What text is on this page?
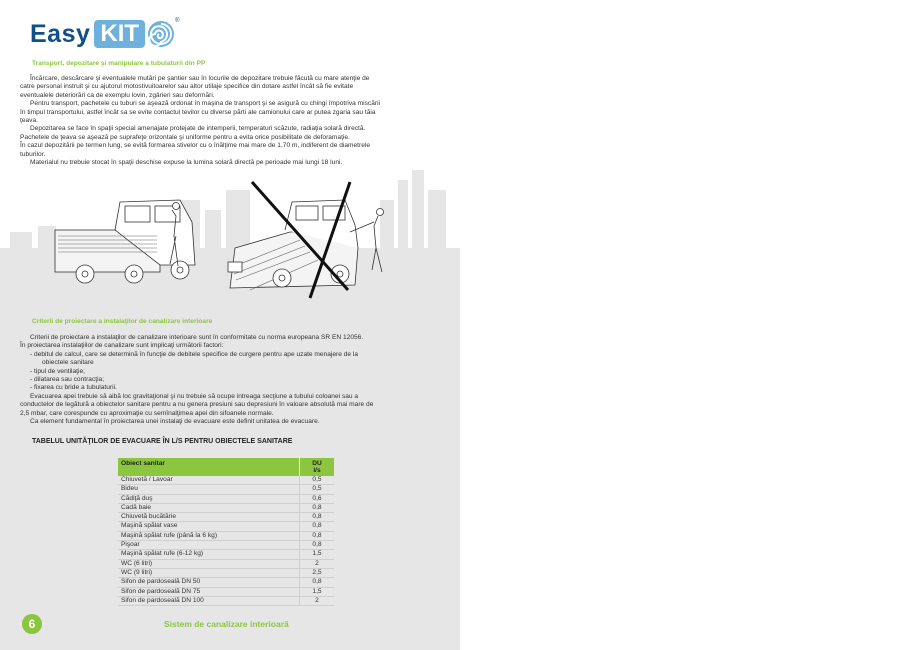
Easy KIT	®
Transport, depozitare şi manipulare a tubulaturii din PP
Încărcare, descărcare şi eventualele mutări pe şantier sau în locurile de depozitare trebuie făcută cu mare atenţie de
catre personal instruit şi cu ajutorul motostivuitoarelor sau altor utilaje specifice din dotare astfel încât să fie evitate
eventualele deteriorări ca de exemplu lovin, zgârieri sau deformări.
Pentru transport, pachetele cu tuburi se aşează ordonat în maşina de transport şi se asigură cu chingi împotriva miscării
în timpul transportului, astfel încât sa se evite contactul tevilor cu diverse părti ale camionului care ar putea zgaria sau tăia
ţeava.
Depozitarea se face în spaţii special amenajate protejate de intemperii, temperaturi scăzute, radiaţia solară directă.
Pachetele de ţeava se aşează pe suprafeţe orizontale şi uniforme pentru a evita orice posibilitate de deforamaţie.
În cazul depozitării pe termen lung, se evită formarea stivelor cu o înălţime mai mare de 1,70 m, indiferent de diametrele
tuburilor.
Materialul nu trebuie stocat în spaţii deschise expuse la lumina solară directă pe perioade mai lungi 18 luni.
Criterii de proiectare a instalaţilor de canalizare interioare
Criterii de proiectare a instalaţilor de canalizare interioare sunt în conformitate cu norma europeana SR EN 12056.
În proiectarea instalaţiilor de canalizare sunt implicaţi următorii factori:
- debitul de calcul, care se determină în funcţie de debitele specifice de curgere pentru ape uzate menajere de la
obiectele sanitare
- tipul de ventilaţie;
- dilatarea sau contracţia;
- fixarea cu bride a tubulaturii.
Evacuarea apei trebuie să aibă loc gravitaţional şi nu trebuie să ocupe intreaga secţiune a tubului coloanei sau a
conductelor de legătură a obiectelor sanitare pentru a nu genera presiuni sau depresiuni în valoare absolută mai mare de
2,5 mbar, care corespunde cu aproximaţie cu semînalţimea apei din sifoanele normale.
Ca element fundamental în proiectarea unei instalaţi de evacuare este definit unitatea de evacuare.
TABELUL UNITĂŢILOR DE EVACUARE ÎN L/S PENTRU OBIECTELE SANITARE
Obiect sanitar	DU
l/s
Chiuvetă / Lavoar	0,5
Bideu	0,5
Cădiţă duş	0,6
Cadă baie	0,8
Chiuvetă bucătărie	0,8
Maşină spălat vase	0,8
Maşină spălat rufe (până la 6 kg)	0,8
Pişoar	0,8
Maşină spălat rufe (6-12 kg)	1,5
WC (6 litri)	2
WC (9 litri)	2,5
Sifon de pardoseală DN 50	0,8
Sifon de pardoseală DN 75	1,5
Sifon de pardoseală DN 100	2
6	Sistem de canalizare interioară
